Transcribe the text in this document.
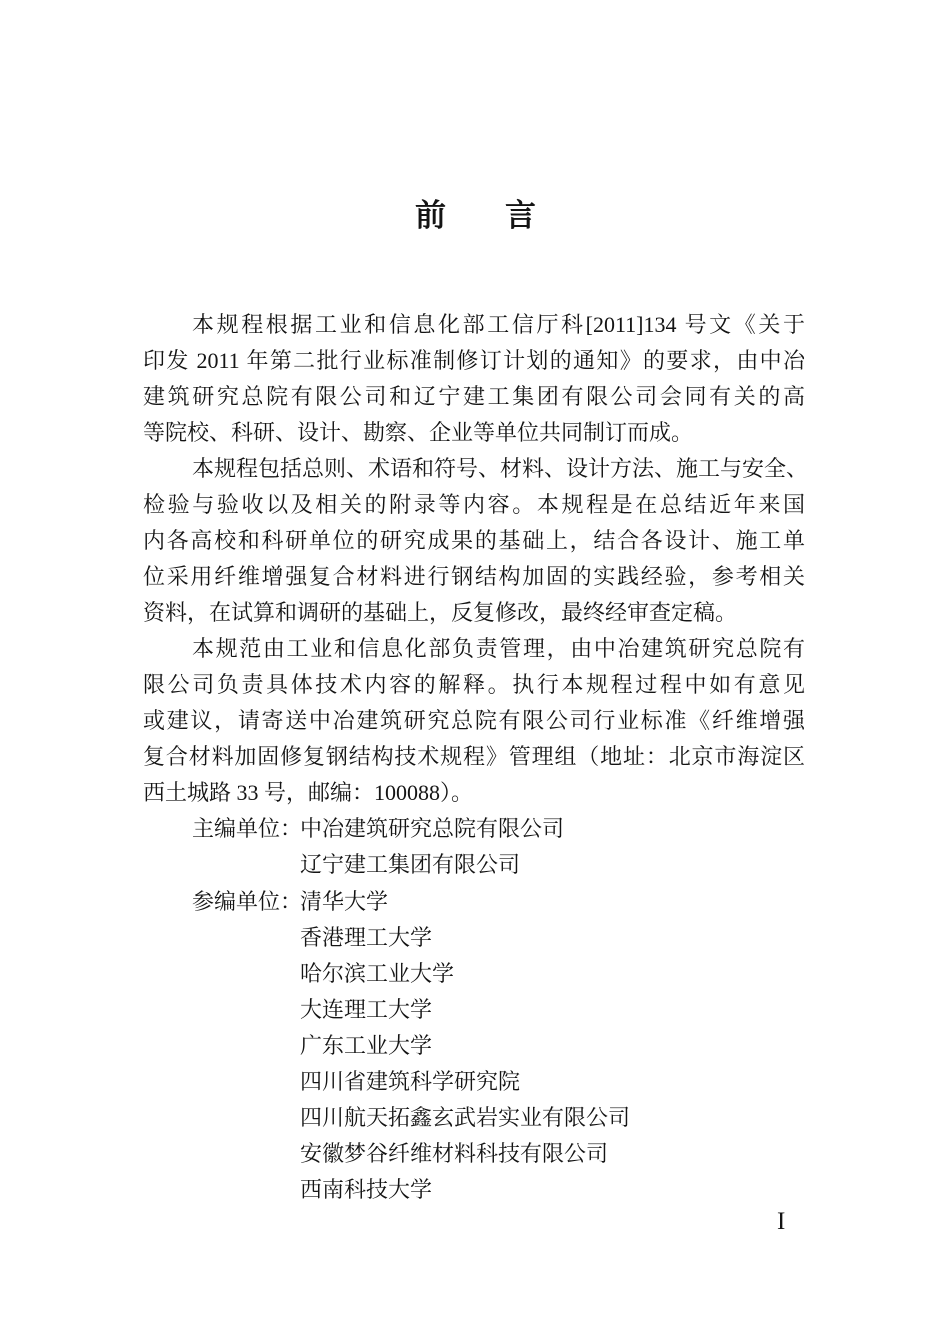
前　言
本规程根据工业和信息化部工信厅科[2011]134 号文《关于
印发 2011 年第二批行业标准制修订计划的通知》的要求，由中冶
建筑研究总院有限公司和辽宁建工集团有限公司会同有关的高
等院校、科研、设计、勘察、企业等单位共同制订而成。
本规程包括总则、术语和符号、材料、设计方法、施工与安全、
检验与验收以及相关的附录等内容。本规程是在总结近年来国
内各高校和科研单位的研究成果的基础上，结合各设计、施工单
位采用纤维增强复合材料进行钢结构加固的实践经验，参考相关
资料，在试算和调研的基础上，反复修改，最终经审查定稿。
本规范由工业和信息化部负责管理，由中冶建筑研究总院有
限公司负责具体技术内容的解释。执行本规程过程中如有意见
或建议，请寄送中冶建筑研究总院有限公司行业标准《纤维增强
复合材料加固修复钢结构技术规程》管理组（地址：北京市海淀区
西土城路 33 号，邮编：100088）。
主编单位：中冶建筑研究总院有限公司
辽宁建工集团有限公司
参编单位：清华大学
香港理工大学
哈尔滨工业大学
大连理工大学
广东工业大学
四川省建筑科学研究院
四川航天拓鑫玄武岩实业有限公司
安徽梦谷纤维材料科技有限公司
西南科技大学
I
